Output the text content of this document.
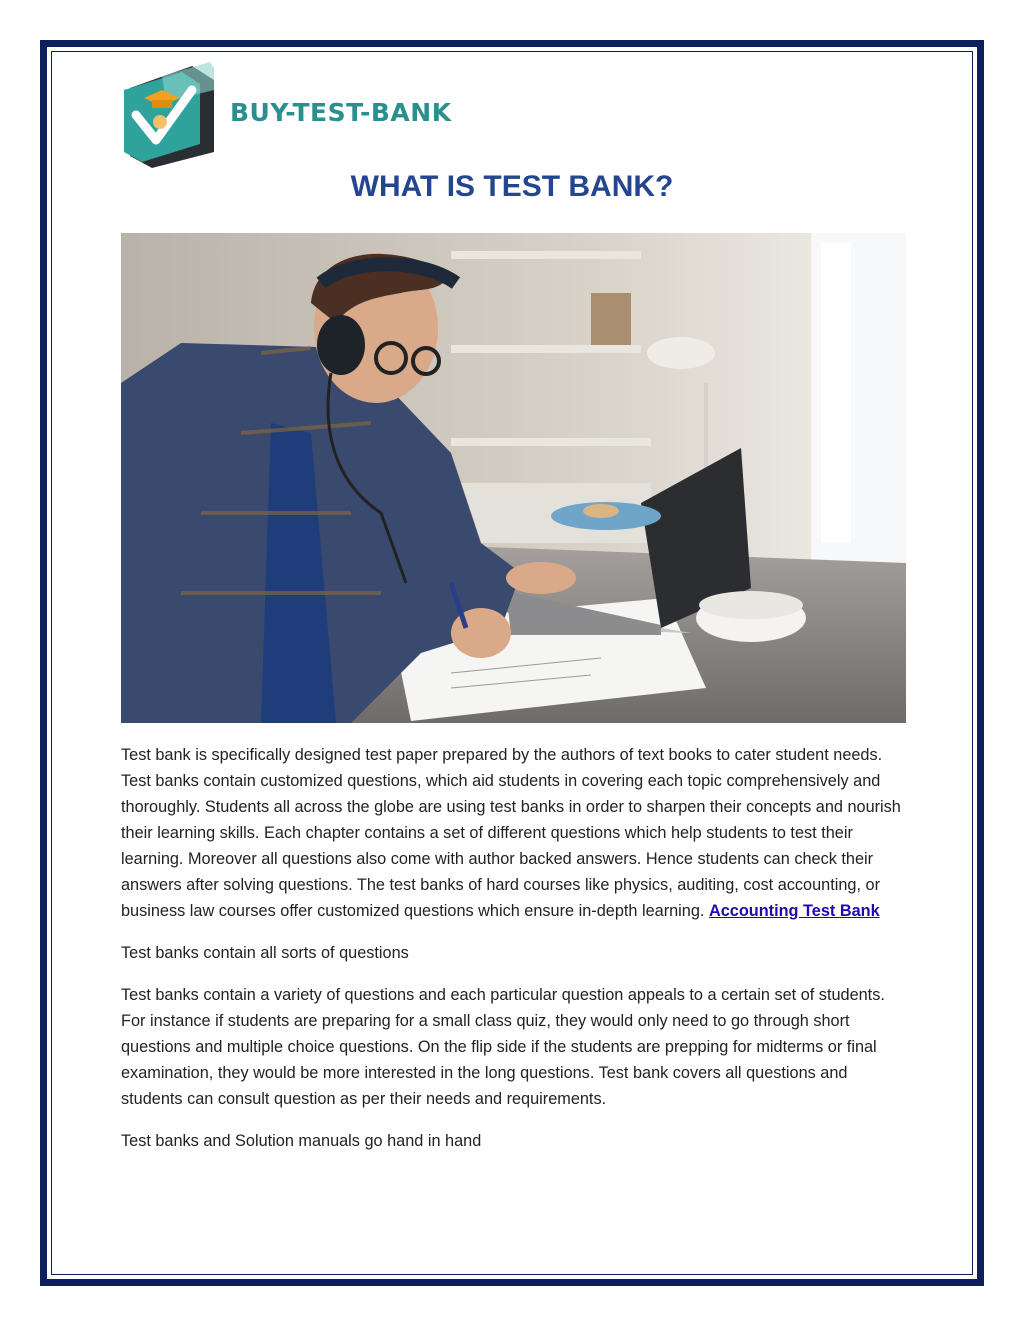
BUY-TEST-BANK
WHAT IS TEST BANK?

Test bank is specifically designed test paper prepared by the authors of text books to cater student needs. Test banks contain customized questions, which aid students in covering each topic comprehensively and thoroughly. Students all across the globe are using test banks in order to sharpen their concepts and nourish their learning skills. Each chapter contains a set of different questions which help students to test their learning. Moreover all questions also come with author backed answers. Hence students can check their answers after solving questions. The test banks of hard courses like physics, auditing, cost accounting, or business law courses offer customized questions which ensure in-depth learning. Accounting Test Bank

Test banks contain all sorts of questions

Test banks contain a variety of questions and each particular question appeals to a certain set of students. For instance if students are preparing for a small class quiz, they would only need to go through short questions and multiple choice questions. On the flip side if the students are prepping for midterms or final examination, they would be more interested in the long questions. Test bank covers all questions and students can consult question as per their needs and requirements.

Test banks and Solution manuals go hand in hand
